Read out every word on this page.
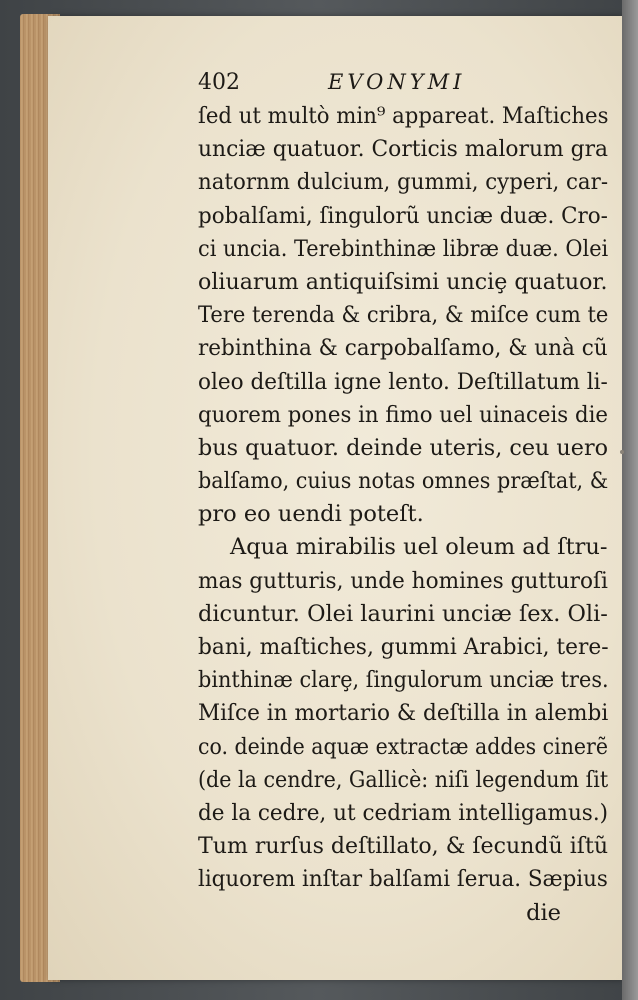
402	EVONYMI
ſed ut multò min⁹ appareat. Maſtiches
unciæ quatuor. Corticis malorum gra
natornm dulcium, gummi, cyperi, car-
pobalſami, ſingulorũ unciæ duæ. Cro-
ci uncia. Terebinthinæ libræ duæ. Olei
oliuarum antiquiſsimi unciȩ quatuor.
Tere terenda & cribra, & miſce cum te
rebinthina & carpobalſamo, & unà cũ
oleo deſtilla igne lento. Deſtillatum li-
quorem pones in fimo uel uinaceis die
bus quatuor. deinde uteris, ceu uero
balſamo, cuius notas omnes præſtat, &
pro eo uendi poteſt.
Aqua mirabilis uel oleum ad ſtru-
mas gutturis, unde homines gutturoſi
dicuntur. Olei laurini unciæ ſex. Oli-
bani, maſtiches, gummi Arabici, tere-
binthinæ clarȩ, ſingulorum unciæ tres.
Miſce in mortario & deſtilla in alembi
co. deinde aquæ extractæ addes cinerẽ
(de la cendre, Gallicè: niſi legendum ſit
de la cedre, ut cedriam intelligamus.)
Tum rurſus deſtillato, & ſecundũ iſtũ
liquorem inſtar balſami ſerua. Sæpius
die
